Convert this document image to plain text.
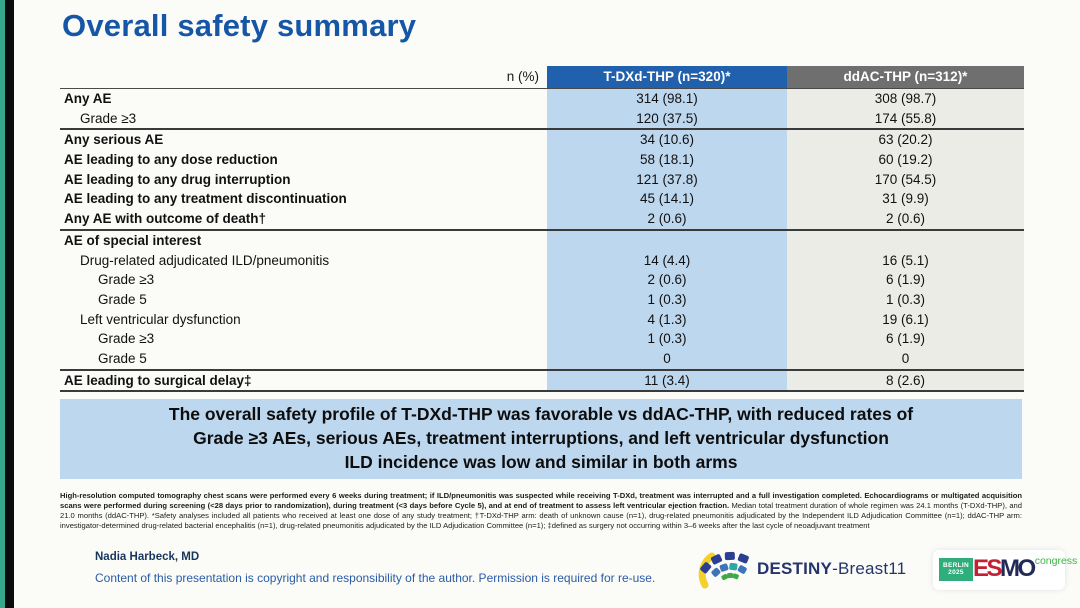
Overall safety summary
n (%)	T-DXd-THP (n=320)*	ddAC-THP (n=312)*
Any AE	314 (98.1)	308 (98.7)
Grade ≥3	120 (37.5)	174 (55.8)
Any serious AE	34 (10.6)	63 (20.2)
AE leading to any dose reduction	58 (18.1)	60 (19.2)
AE leading to any drug interruption	121 (37.8)	170 (54.5)
AE leading to any treatment discontinuation	45 (14.1)	31 (9.9)
Any AE with outcome of death†	2 (0.6)	2 (0.6)
AE of special interest
Drug-related adjudicated ILD/pneumonitis	14 (4.4)	16 (5.1)
Grade ≥3	2 (0.6)	6 (1.9)
Grade 5	1 (0.3)	1 (0.3)
Left ventricular dysfunction	4 (1.3)	19 (6.1)
Grade ≥3	1 (0.3)	6 (1.9)
Grade 5	0	0
AE leading to surgical delay‡	11 (3.4)	8 (2.6)
The overall safety profile of T-DXd-THP was favorable vs ddAC-THP, with reduced rates of
Grade ≥3 AEs, serious AEs, treatment interruptions, and left ventricular dysfunction
ILD incidence was low and similar in both arms

High-resolution computed tomography chest scans were performed every 6 weeks during treatment; if ILD/pneumonitis was suspected while receiving T-DXd, treatment was interrupted and a full investigation completed. Echocardiograms or multigated acquisition scans were performed during screening (<28 days prior to randomization), during treatment (<3 days before Cycle 5), and at end of treatment to assess left ventricular ejection fraction. Median total treatment duration of whole regimen was 24.1 months (T-DXd-THP), and 21.0 months (ddAC-THP). *Safety analyses included all patients who received at least one dose of any study treatment; †T-DXd-THP arm: death of unknown cause (n=1), drug-related pneumonitis adjudicated by the Independent ILD Adjudication Committee (n=1); ddAC-THP arm: investigator-determined drug-related bacterial encephalitis (n=1), drug-related pneumonitis adjudicated by the ILD Adjudication Committee (n=1); ‡defined as surgery not occurring within 3–6 weeks after the last cycle of neoadjuvant treatment

Nadia Harbeck, MD
Content of this presentation is copyright and responsibility of the author. Permission is required for re-use.	DESTINY-Breast11	BERLIN
2025 ESMO congress
